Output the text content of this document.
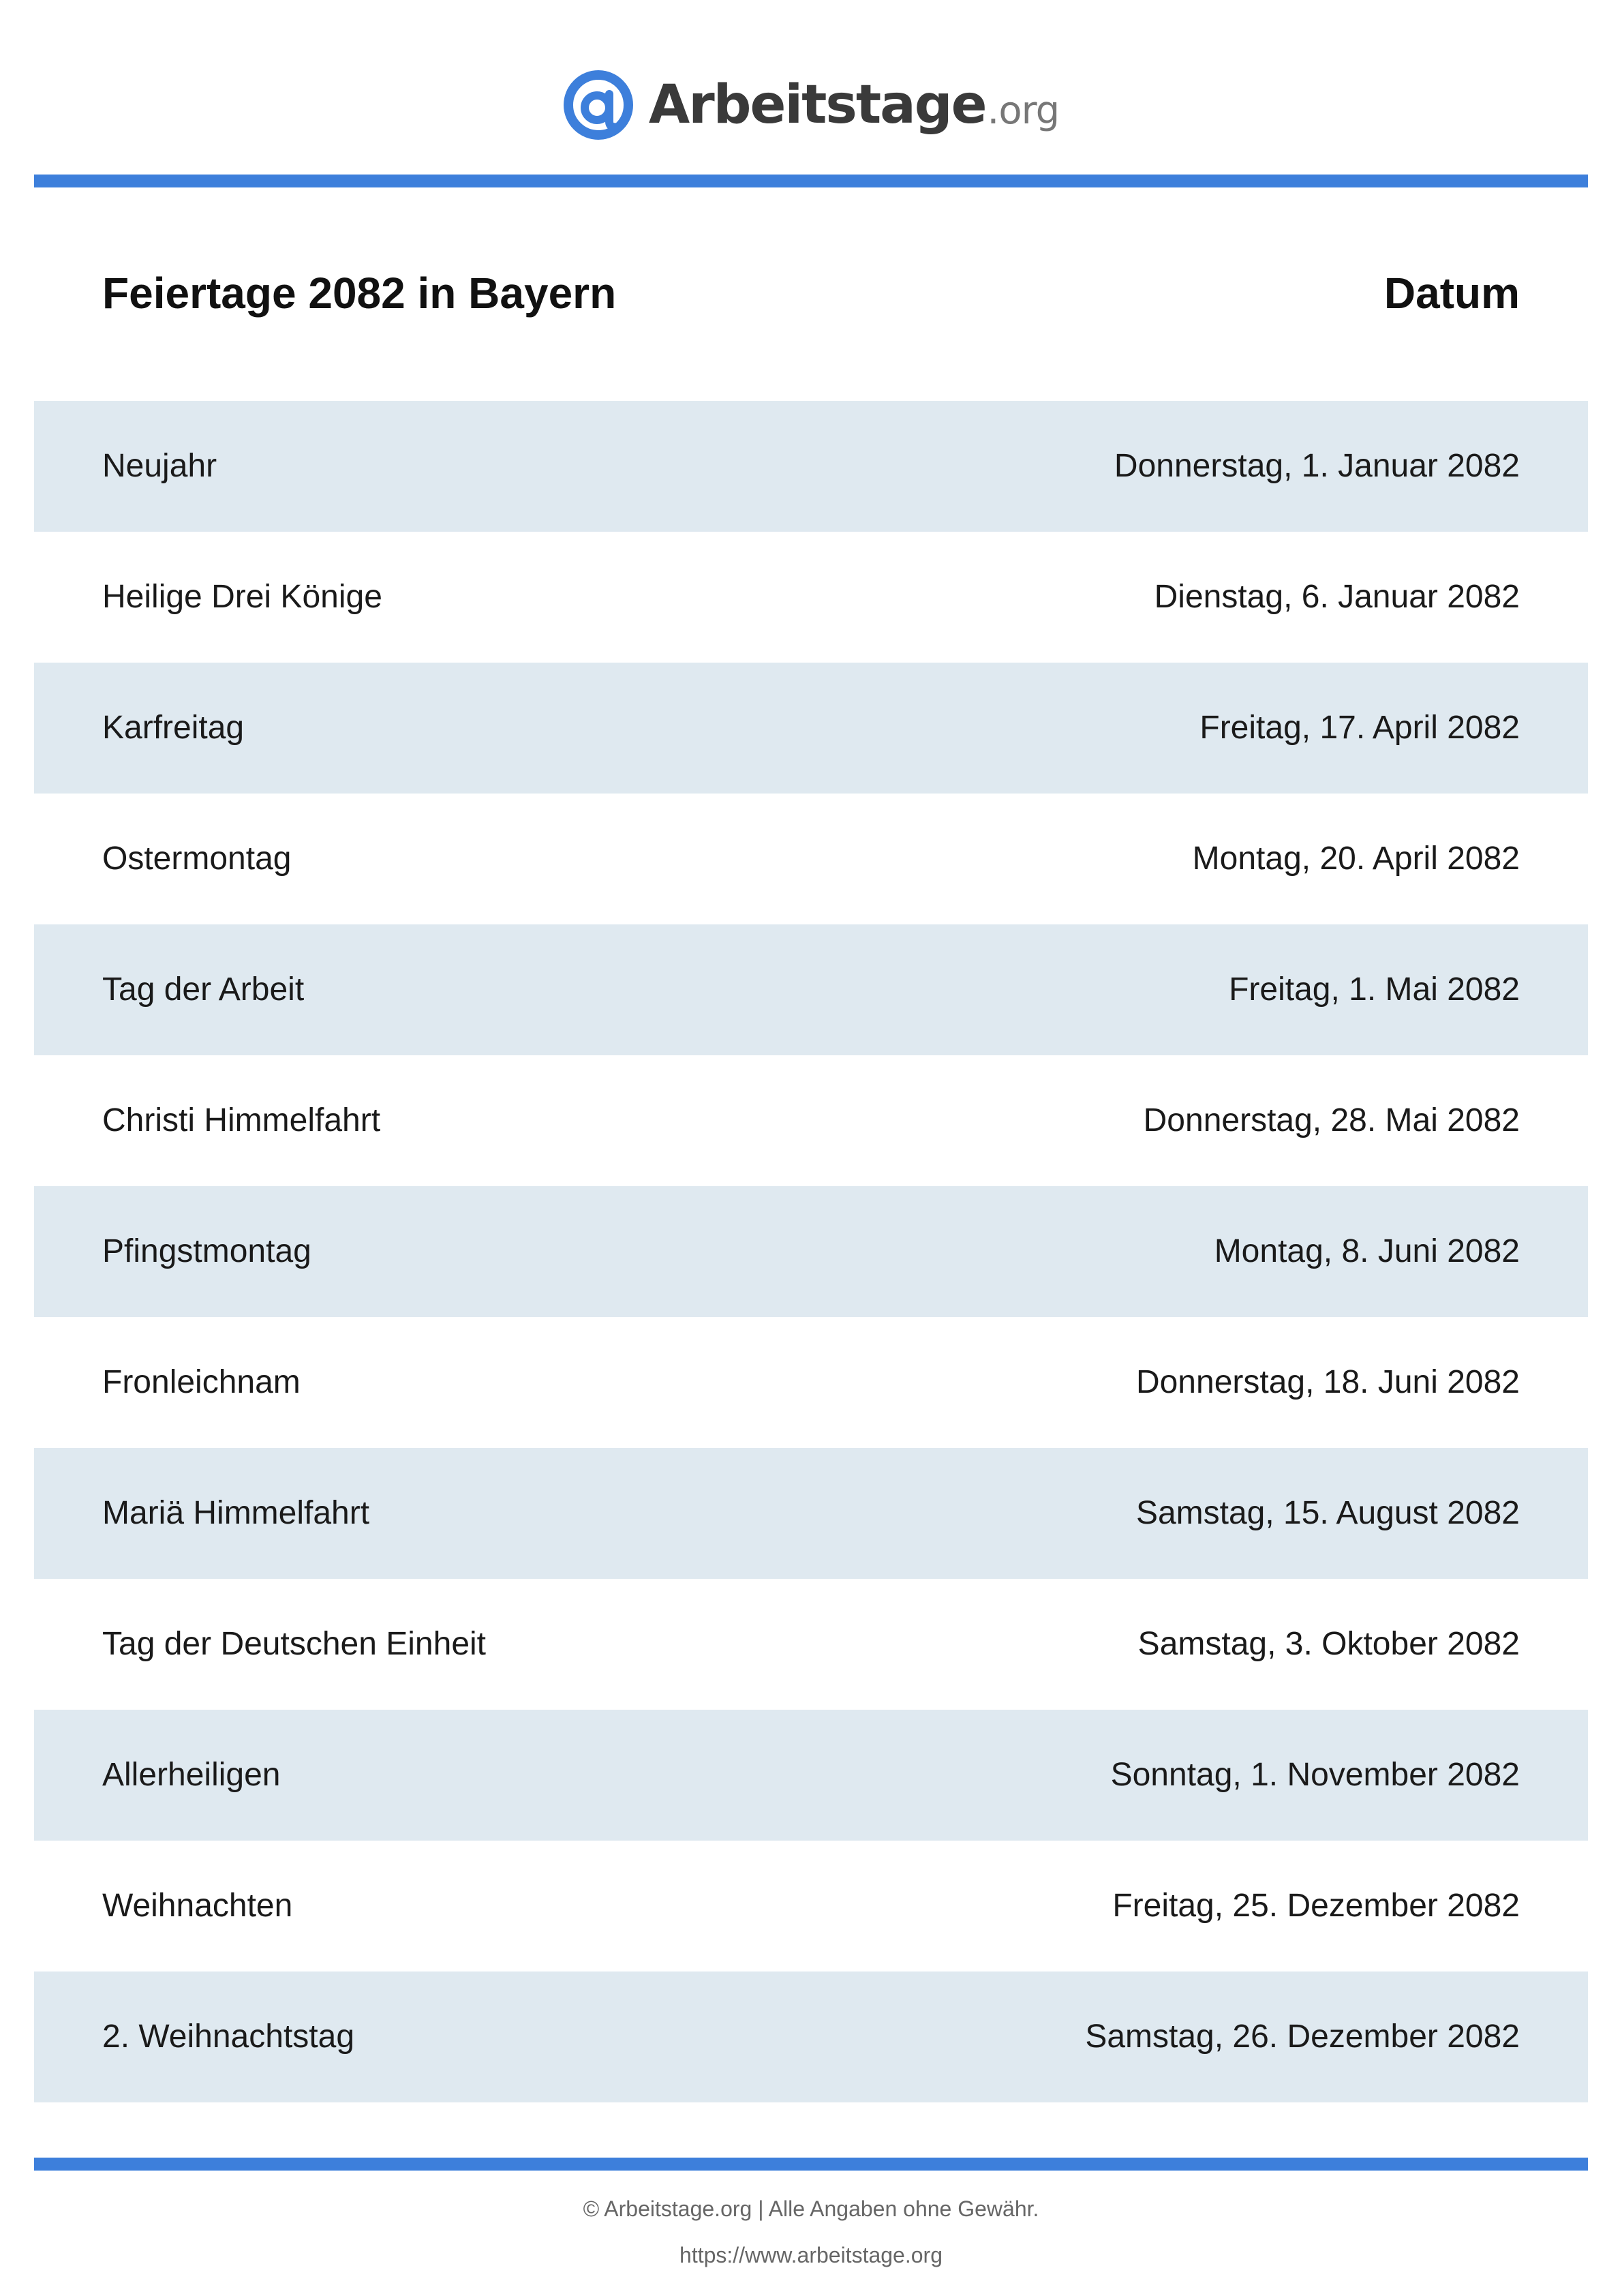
Arbeitstage .org
Feiertage 2082 in Bayern	Datum
Neujahr	Donnerstag, 1. Januar 2082
Heilige Drei Könige	Dienstag, 6. Januar 2082
Karfreitag	Freitag, 17. April 2082
Ostermontag	Montag, 20. April 2082
Tag der Arbeit	Freitag, 1. Mai 2082
Christi Himmelfahrt	Donnerstag, 28. Mai 2082
Pfingstmontag	Montag, 8. Juni 2082
Fronleichnam	Donnerstag, 18. Juni 2082
Mariä Himmelfahrt	Samstag, 15. August 2082
Tag der Deutschen Einheit	Samstag, 3. Oktober 2082
Allerheiligen	Sonntag, 1. November 2082
Weihnachten	Freitag, 25. Dezember 2082
2. Weihnachtstag	Samstag, 26. Dezember 2082
© Arbeitstage.org | Alle Angaben ohne Gewähr.
https://www.arbeitstage.org
